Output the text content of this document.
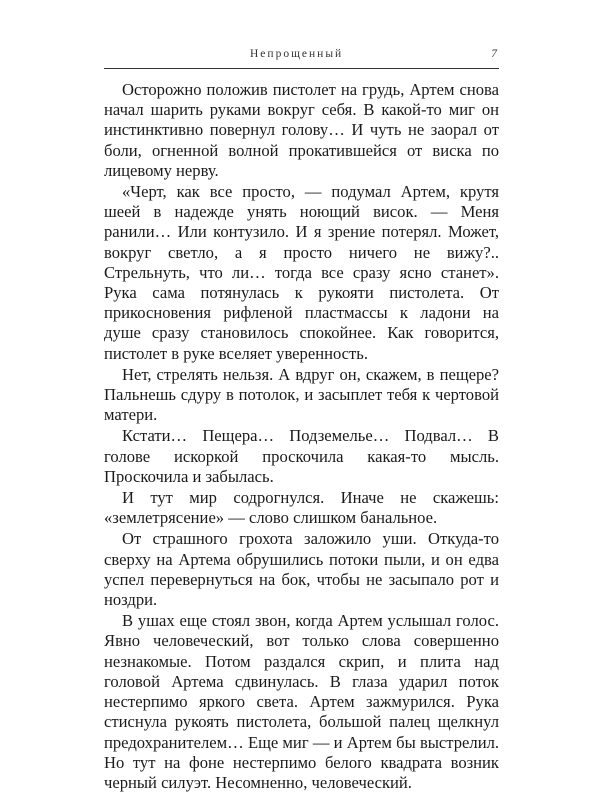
Непрощенный	7

Осторожно положив пистолет на грудь, Артем снова начал шарить руками вокруг себя. В какой-то миг он инстинктивно повернул голову… И чуть не заорал от боли, огненной волной прокатившейся от виска по лицевому нерву.

«Черт, как все просто, — подумал Артем, крутя шеей в надежде унять ноющий висок. — Меня ранили… Или контузило. И я зрение потерял. Может, вокруг светло, а я просто ничего не вижу?.. Стрельнуть, что ли… тогда все сразу ясно станет». Рука сама потянулась к рукояти пистолета. От прикосновения рифленой пластмассы к ладони на душе сразу становилось спокойнее. Как говорится, пистолет в руке вселяет уверенность.

Нет, стрелять нельзя. А вдруг он, скажем, в пещере? Пальнешь сдуру в потолок, и засыплет тебя к чертовой матери.

Кстати… Пещера… Подземелье… Подвал… В голове искоркой проскочила какая-то мысль. Проскочила и забылась.

И тут мир содрогнулся. Иначе не скажешь: «землетрясение» — слово слишком банальное.

От страшного грохота заложило уши. Откуда-то сверху на Артема обрушились потоки пыли, и он едва успел перевернуться на бок, чтобы не засыпало рот и ноздри.

В ушах еще стоял звон, когда Артем услышал голос. Явно человеческий, вот только слова совершенно незнакомые. Потом раздался скрип, и плита над головой Артема сдвинулась. В глаза ударил поток нестерпимо яркого света. Артем зажмурился. Рука стиснула рукоять пистолета, большой палец щелкнул предохранителем… Еще миг — и Артем бы выстрелил. Но тут на фоне нестерпимо белого квадрата возник черный силуэт. Несомненно, человеческий.
